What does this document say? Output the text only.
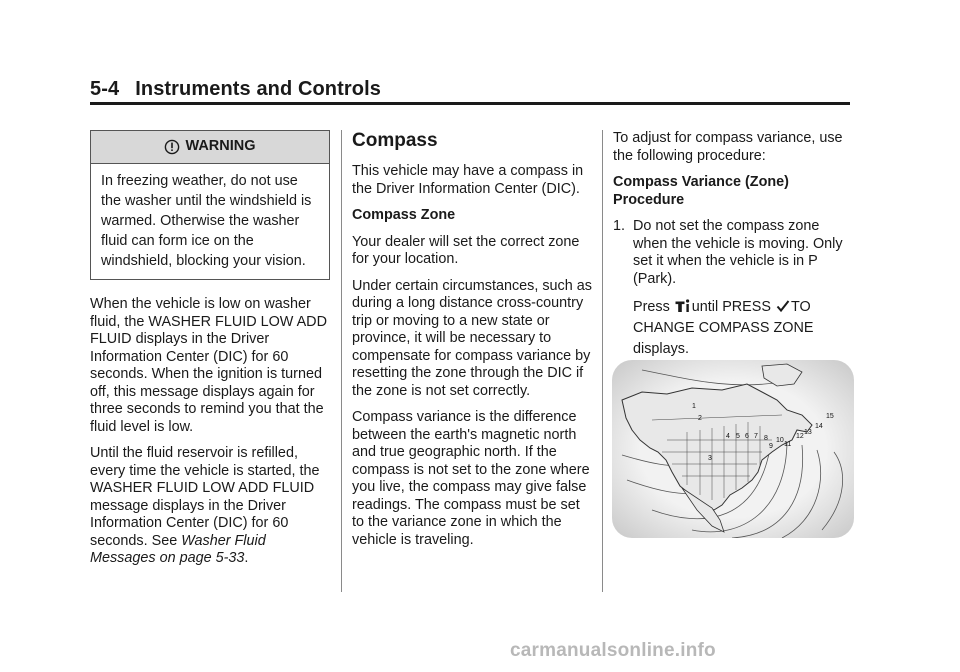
5-4 Instruments and Controls
WARNING
In freezing weather, do not use the washer until the windshield is warmed. Otherwise the washer fluid can form ice on the windshield, blocking your vision.

When the vehicle is low on washer fluid, the WASHER FLUID LOW ADD FLUID displays in the Driver Information Center (DIC) for 60 seconds. When the ignition is turned off, this message displays again for three seconds to remind you that the fluid level is low.

Until the fluid reservoir is refilled, every time the vehicle is started, the WASHER FLUID LOW ADD FLUID message displays in the Driver Information Center (DIC) for 60 seconds. See Washer Fluid Messages on page 5-33.

Compass

This vehicle may have a compass in the Driver Information Center (DIC).

Compass Zone

Your dealer will set the correct zone for your location.

Under certain circumstances, such as during a long distance cross-country trip or moving to a new state or province, it will be necessary to compensate for compass variance by resetting the zone through the DIC if the zone is not set correctly.

Compass variance is the difference between the earth's magnetic north and true geographic north. If the compass is not set to the zone where you live, the compass may give false readings. The compass must be set to the variance zone in which the vehicle is traveling.

To adjust for compass variance, use the following procedure:

Compass Variance (Zone) Procedure

1. Do not set the compass zone when the vehicle is moving. Only set it when the vehicle is in P (Park).

Press until PRESS TO
CHANGE COMPASS ZONE displays.

1
2
3
4 5 6 7 8
9
10
11
12
13
14
15
carmanualsonline.info
